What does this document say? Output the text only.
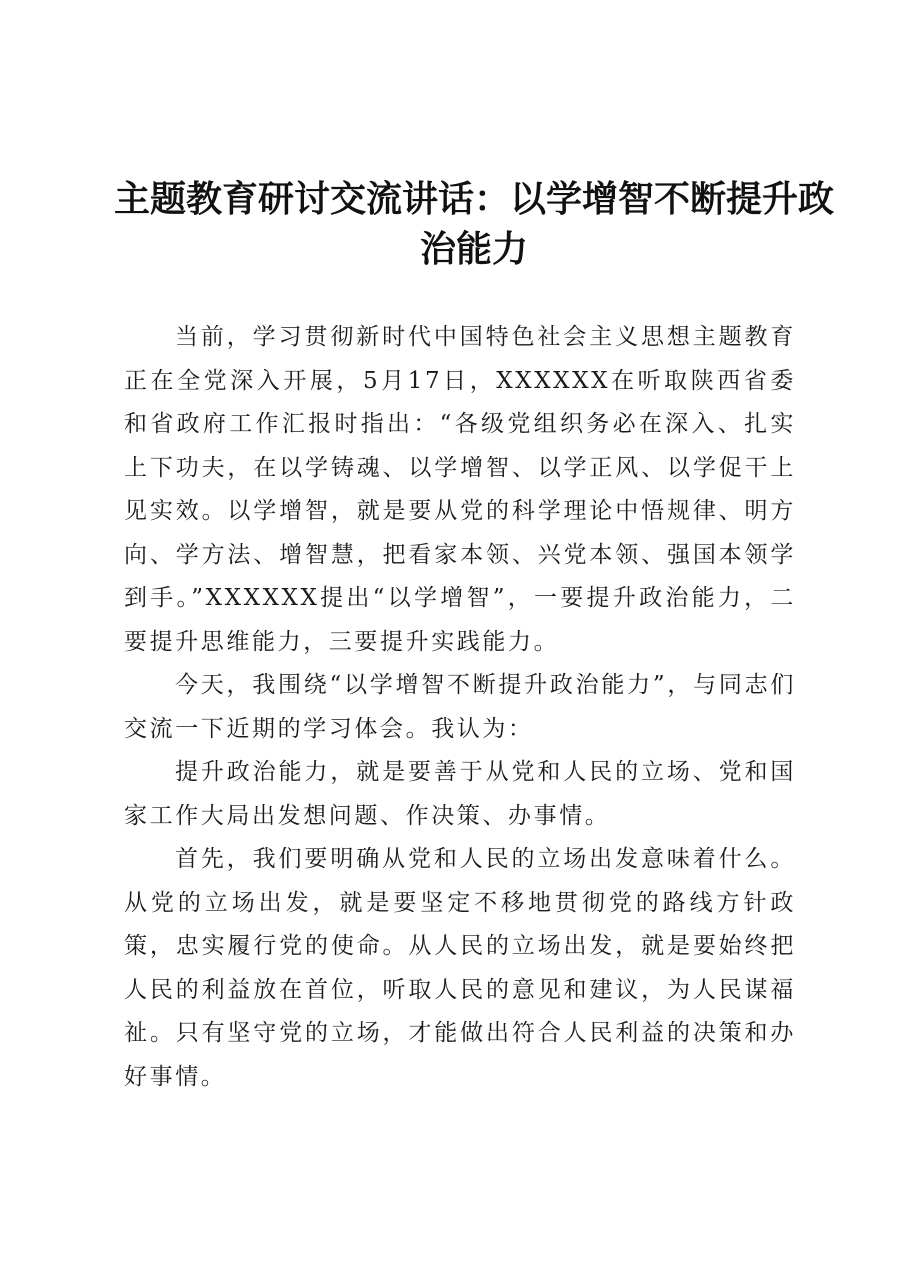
主题教育研讨交流讲话：以学增智不断提升政治能力

当前，学习贯彻新时代中国特色社会主义思想主题教育正在全党深入开展，5月17日，XXXXXX在听取陕西省委和省政府工作汇报时指出：“各级党组织务必在深入、扎实上下功夫，在以学铸魂、以学增智、以学正风、以学促干上见实效。以学增智，就是要从党的科学理论中悟规律、明方向、学方法、增智慧，把看家本领、兴党本领、强国本领学到手。”XXXXXX提出“以学增智”，一要提升政治能力，二要提升思维能力，三要提升实践能力。

今天，我围绕“以学增智不断提升政治能力”，与同志们交流一下近期的学习体会。我认为：

提升政治能力，就是要善于从党和人民的立场、党和国家工作大局出发想问题、作决策、办事情。

首先，我们要明确从党和人民的立场出发意味着什么。从党的立场出发，就是要坚定不移地贯彻党的路线方针政策，忠实履行党的使命。从人民的立场出发，就是要始终把人民的利益放在首位，听取人民的意见和建议，为人民谋福祉。只有坚守党的立场，才能做出符合人民利益的决策和办好事情。
